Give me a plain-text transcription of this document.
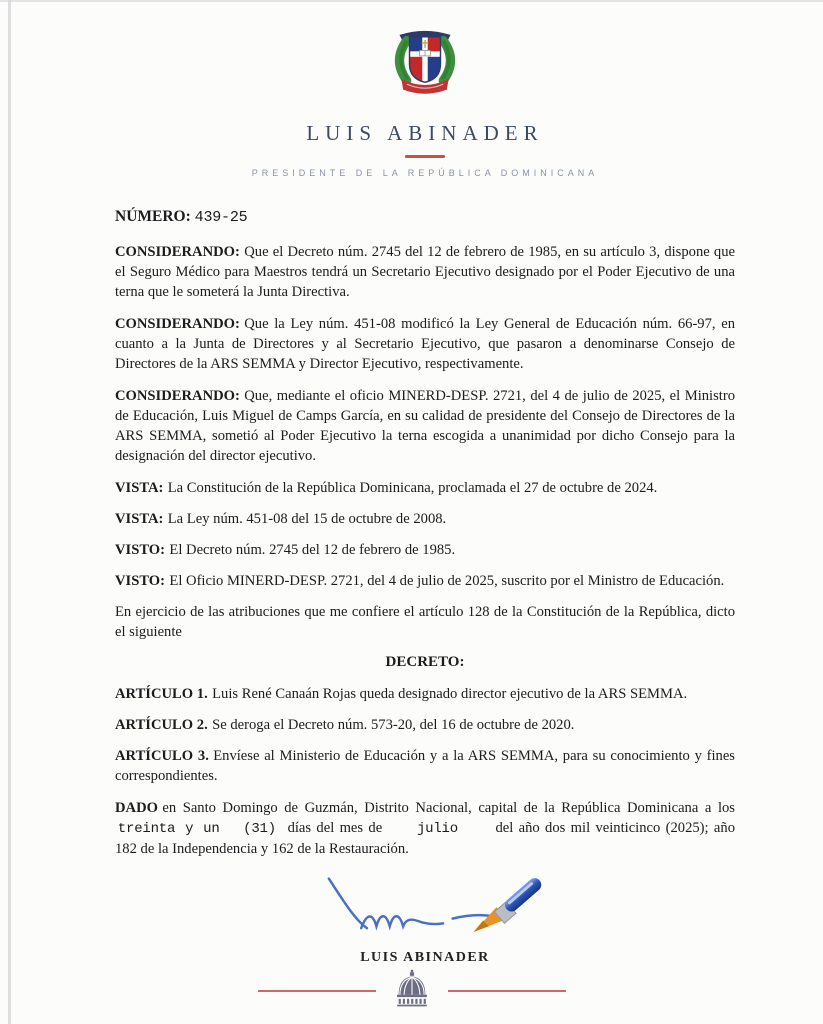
LUIS ABINADER
PRESIDENTE DE LA REPÚBLICA DOMINICANA
NÚMERO: 439-25

CONSIDERANDO: Que el Decreto núm. 2745 del 12 de febrero de 1985, en su artículo 3, dispone que el Seguro Médico para Maestros tendrá un Secretario Ejecutivo designado por el Poder Ejecutivo de una terna que le someterá la Junta Directiva.

CONSIDERANDO: Que la Ley núm. 451-08 modificó la Ley General de Educación núm. 66-97, en cuanto a la Junta de Directores y al Secretario Ejecutivo, que pasaron a denominarse Consejo de Directores de la ARS SEMMA y Director Ejecutivo, respectivamente.

CONSIDERANDO: Que, mediante el oficio MINERD-DESP. 2721, del 4 de julio de 2025, el Ministro de Educación, Luis Miguel de Camps García, en su calidad de presidente del Consejo de Directores de la ARS SEMMA, sometió al Poder Ejecutivo la terna escogida a unanimidad por dicho Consejo para la designación del director ejecutivo.

VISTA: La Constitución de la República Dominicana, proclamada el 27 de octubre de 2024.

VISTA: La Ley núm. 451-08 del 15 de octubre de 2008.

VISTO: El Decreto núm. 2745 del 12 de febrero de 1985.

VISTO: El Oficio MINERD-DESP. 2721, del 4 de julio de 2025, suscrito por el Ministro de Educación.

En ejercicio de las atribuciones que me confiere el artículo 128 de la Constitución de la República, dicto el siguiente

DECRETO:

ARTÍCULO 1. Luis René Canaán Rojas queda designado director ejecutivo de la ARS SEMMA.

ARTÍCULO 2. Se deroga el Decreto núm. 573-20, del 16 de octubre de 2020.

ARTÍCULO 3. Envíese al Ministerio de Educación y a la ARS SEMMA, para su conocimiento y fines correspondientes.

DADO en Santo Domingo de Guzmán, Distrito Nacional, capital de la República Dominicana a los treinta y un (31) días del mes de julio	del año dos mil veinticinco (2025); año 182 de la Independencia y 162 de la Restauración.

LUIS ABINADER
